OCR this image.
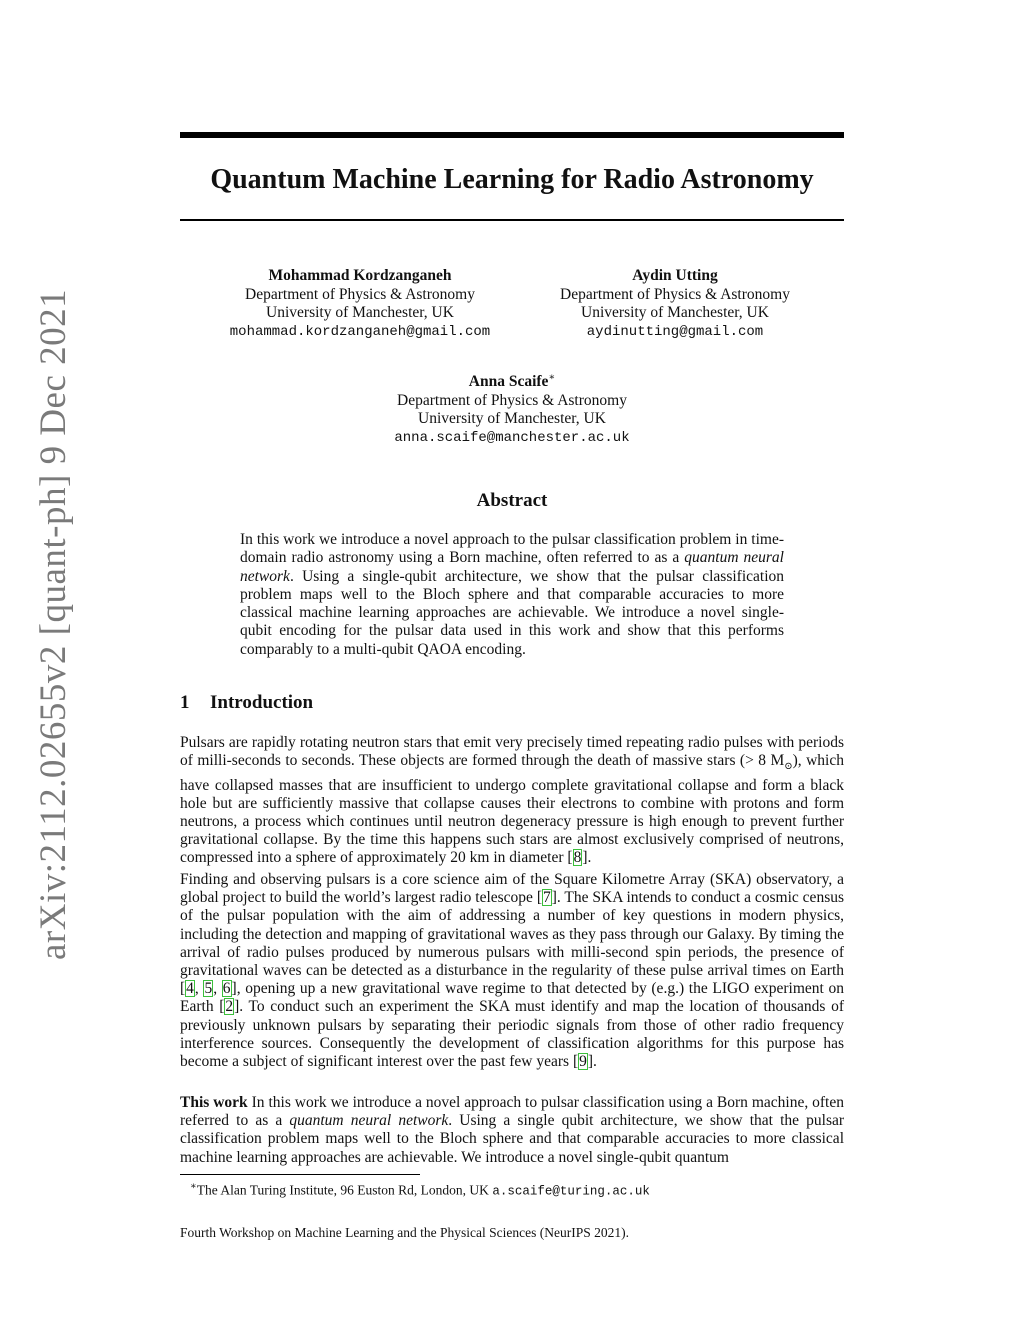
arXiv:2112.02655v2 [quant-ph] 9 Dec 2021
Quantum Machine Learning for Radio Astronomy
Mohammad Kordzanganeh
Department of Physics & Astronomy
University of Manchester, UK
mohammad.kordzanganeh@gmail.com
Aydin Utting
Department of Physics & Astronomy
University of Manchester, UK
aydinutting@gmail.com
Anna Scaife∗
Department of Physics & Astronomy
University of Manchester, UK
anna.scaife@manchester.ac.uk
Abstract
In this work we introduce a novel approach to the pulsar classification problem in time-domain radio astronomy using a Born machine, often referred to as a quantum neural network. Using a single-qubit architecture, we show that the pulsar classification problem maps well to the Bloch sphere and that comparable accuracies to more classical machine learning approaches are achievable. We introduce a novel single-qubit encoding for the pulsar data used in this work and show that this performs comparably to a multi-qubit QAOA encoding.
1 Introduction
Pulsars are rapidly rotating neutron stars that emit very precisely timed repeating radio pulses with periods of milli-seconds to seconds. These objects are formed through the death of massive stars (> 8 $M_⊙$), which have collapsed masses that are insufficient to undergo complete gravitational collapse and form a black hole but are sufficiently massive that collapse causes their electrons to combine with protons and form neutrons, a process which continues until neutron degeneracy pressure is high enough to prevent further gravitational collapse. By the time this happens such stars are almost exclusively comprised of neutrons, compressed into a sphere of approximately 20 km in diameter [8].
Finding and observing pulsars is a core science aim of the Square Kilometre Array (SKA) observatory, a global project to build the world’s largest radio telescope [7]. The SKA intends to conduct a cosmic census of the pulsar population with the aim of addressing a number of key questions in modern physics, including the detection and mapping of gravitational waves as they pass through our Galaxy. By timing the arrival of radio pulses produced by numerous pulsars with milli-second spin periods, the presence of gravitational waves can be detected as a disturbance in the regularity of these pulse arrival times on Earth [4, 5, 6], opening up a new gravitational wave regime to that detected by (e.g.) the LIGO experiment on Earth [2]. To conduct such an experiment the SKA must identify and map the location of thousands of previously unknown pulsars by separating their periodic signals from those of other radio frequency interference sources. Consequently the development of classification algorithms for this purpose has become a subject of significant interest over the past few years [9].
This work In this work we introduce a novel approach to pulsar classification using a Born machine, often referred to as a quantum neural network. Using a single qubit architecture, we show that the pulsar classification problem maps well to the Bloch sphere and that comparable accuracies to more classical machine learning approaches are achievable. We introduce a novel single-qubit quantum
∗The Alan Turing Institute, 96 Euston Rd, London, UK a.scaife@turing.ac.uk
Fourth Workshop on Machine Learning and the Physical Sciences (NeurIPS 2021).
